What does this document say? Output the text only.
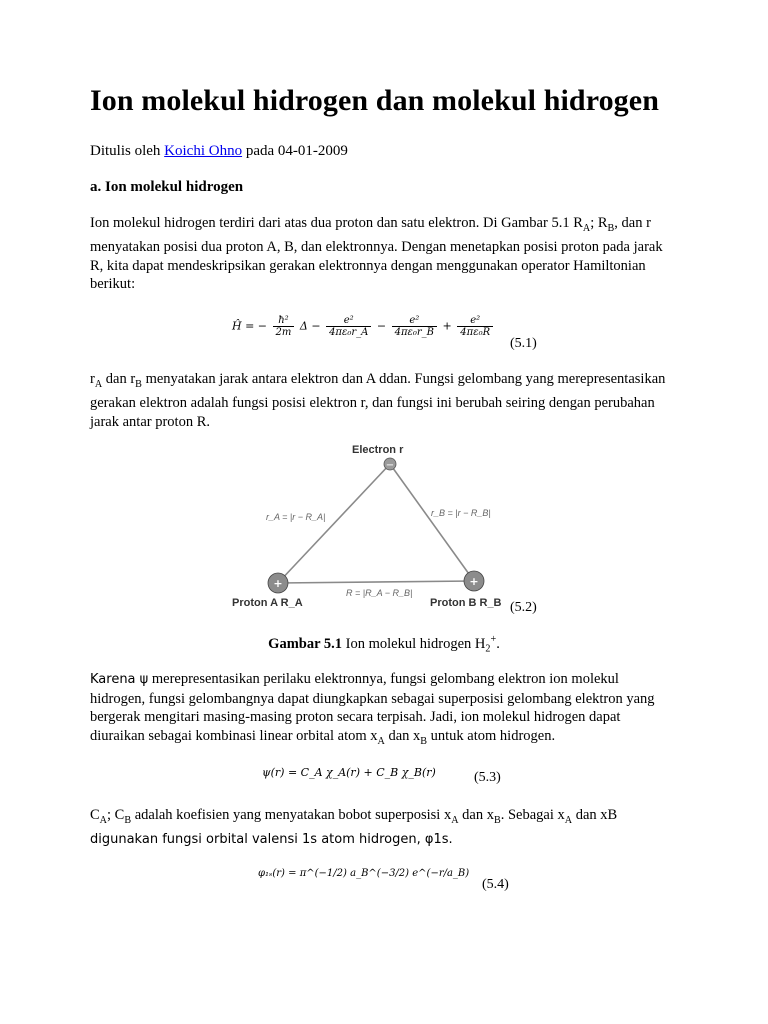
Ion molekul hidrogen dan molekul hidrogen
Ditulis oleh Koichi Ohno pada 04-01-2009
a. Ion molekul hidrogen

Ion molekul hidrogen terdiri dari atas dua proton dan satu elektron. Di Gambar 5.1 $R_A$; $R_B$, dan r menyatakan posisi dua proton A, B, dan elektronnya. Dengan menetapkan posisi proton pada jarak R, kita dapat mendeskripsikan gerakan elektronnya dengan menggunakan operator Hamiltonian berikut:

Ĥ = − $\frac{\text{ħ²}}{2m}$ $\Delta - \frac{\text{e²}}{\text{4πε₀r\_A}} - \frac{\text{e²}}{\text{4πε₀r\_B}} + \frac{\text{e²}}{\text{4πε₀R}}$
(5.1)

$r_A$ dan $r_B$ menyatakan jarak antara elektron dan A ddan. Fungsi gelombang yang merepresentasikan gerakan elektron adalah fungsi posisi elektron r, dan fungsi ini berubah seiring dengan perubahan jarak antar proton R.

Electron r
−
r_A = |r − R_A|	r_B = |r − R_B|
R = |R_A − R_B|
+	+
Proton A R_A	Proton B R_B (5.2)
Gambar 5.1 Ion molekul hidrogen $H_2^+$.

Karena ψ merepresentasikan perilaku elektronnya, fungsi gelombang elektron ion molekul hidrogen, fungsi gelombangnya dapat diungkapkan sebagai superposisi gelombang elektron yang bergerak mengitari masing-masing proton secara terpisah. Jadi, ion molekul hidrogen dapat diuraikan sebagai kombinasi linear orbital atom $x_A$ dan $x_B$ untuk atom hidrogen.

ψ(r) = C_A χ_A(r) + C_B χ_B(r)	(5.3)

$C_A$; $C_B$ adalah koefisien yang menyatakan bobot superposisi $x_A$ dan $x_B$. Sebagai $x_A$ dan xB
digunakan fungsi orbital valensi 1s atom hidrogen, φ1s.

φ₁ₛ(r) = π^(−1/2) a_B^(−3/2) e^(−r/a_B)
(5.4)
